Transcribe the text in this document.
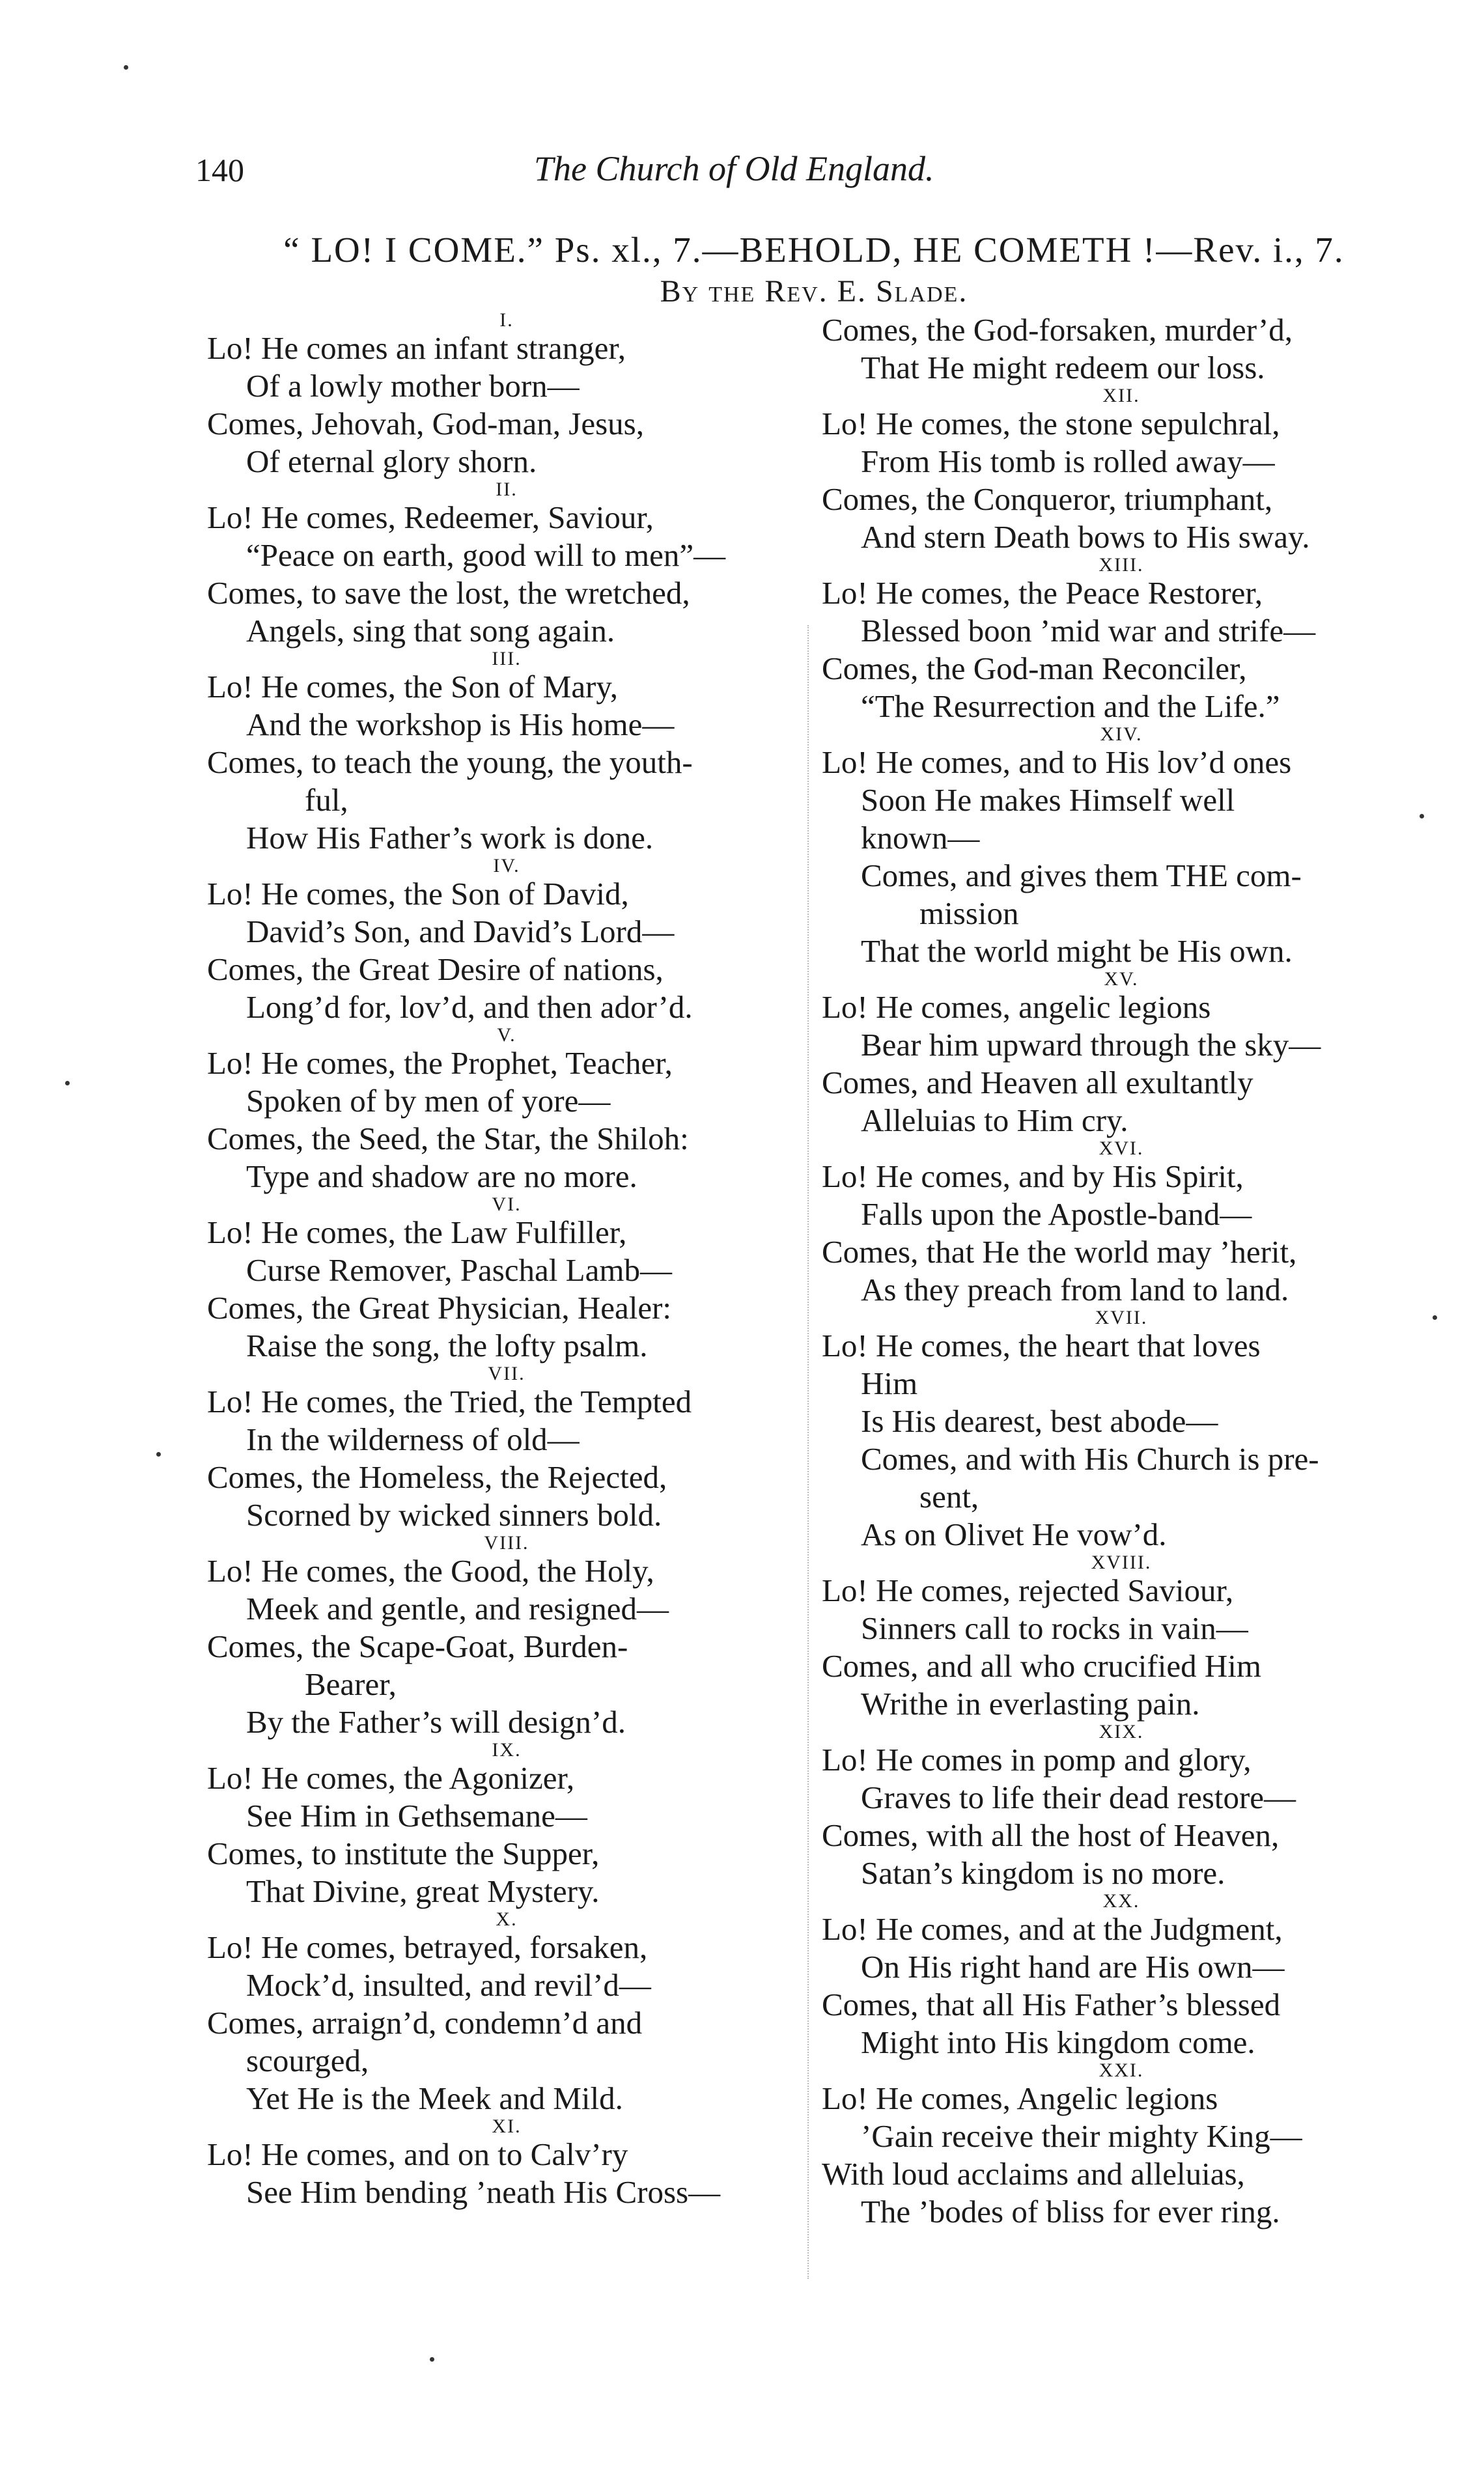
140	The Church of Old England.
“ LO! I COME.” Ps. xl., 7.—BEHOLD, HE COMETH !—Rev. i., 7.
By the Rev. E. Slade.
I.
Lo! He comes an infant stranger,
Of a lowly mother born—
Comes, Jehovah, God-man, Jesus,
Of eternal glory shorn.
II.
Lo! He comes, Redeemer, Saviour,
“Peace on earth, good will to men”—
Comes, to save the lost, the wretched,
Angels, sing that song again.
III.
Lo! He comes, the Son of Mary,
And the workshop is His home—
Comes, to teach the young, the youth-
ful,
How His Father’s work is done.
IV.
Lo! He comes, the Son of David,
David’s Son, and David’s Lord—
Comes, the Great Desire of nations,
Long’d for, lov’d, and then ador’d.
V.
Lo! He comes, the Prophet, Teacher,
Spoken of by men of yore—
Comes, the Seed, the Star, the Shiloh:
Type and shadow are no more.
VI.
Lo! He comes, the Law Fulfiller,
Curse Remover, Paschal Lamb—
Comes, the Great Physician, Healer:
Raise the song, the lofty psalm.
VII.
Lo! He comes, the Tried, the Tempted
In the wilderness of old—
Comes, the Homeless, the Rejected,
Scorned by wicked sinners bold.
VIII.
Lo! He comes, the Good, the Holy,
Meek and gentle, and resigned—
Comes, the Scape-Goat, Burden-
Bearer,
By the Father’s will design’d.
IX.
Lo! He comes, the Agonizer,
See Him in Gethsemane—
Comes, to institute the Supper,
That Divine, great Mystery.
X.
Lo! He comes, betrayed, forsaken,
Mock’d, insulted, and revil’d—
Comes, arraign’d, condemn’d and
scourged,
Yet He is the Meek and Mild.
XI.
Lo! He comes, and on to Calv’ry
See Him bending ’neath His Cross—
Comes, the God-forsaken, murder’d,
That He might redeem our loss.
XII.
Lo! He comes, the stone sepulchral,
From His tomb is rolled away—
Comes, the Conqueror, triumphant,
And stern Death bows to His sway.
XIII.
Lo! He comes, the Peace Restorer,
Blessed boon ’mid war and strife—
Comes, the God-man Reconciler,
“The Resurrection and the Life.”
XIV.
Lo! He comes, and to His lov’d ones
Soon He makes Himself well
known—
Comes, and gives them THE com-
mission
That the world might be His own.
XV.
Lo! He comes, angelic legions
Bear him upward through the sky—
Comes, and Heaven all exultantly
Alleluias to Him cry.
XVI.
Lo! He comes, and by His Spirit,
Falls upon the Apostle-band—
Comes, that He the world may ’herit,
As they preach from land to land.
XVII.
Lo! He comes, the heart that loves
Him
Is His dearest, best abode—
Comes, and with His Church is pre-
sent,
As on Olivet He vow’d.
XVIII.
Lo! He comes, rejected Saviour,
Sinners call to rocks in vain—
Comes, and all who crucified Him
Writhe in everlasting pain.
XIX.
Lo! He comes in pomp and glory,
Graves to life their dead restore—
Comes, with all the host of Heaven,
Satan’s kingdom is no more.
XX.
Lo! He comes, and at the Judgment,
On His right hand are His own—
Comes, that all His Father’s blessed
Might into His kingdom come.
XXI.
Lo! He comes, Angelic legions
’Gain receive their mighty King—
With loud acclaims and alleluias,
The ’bodes of bliss for ever ring.
